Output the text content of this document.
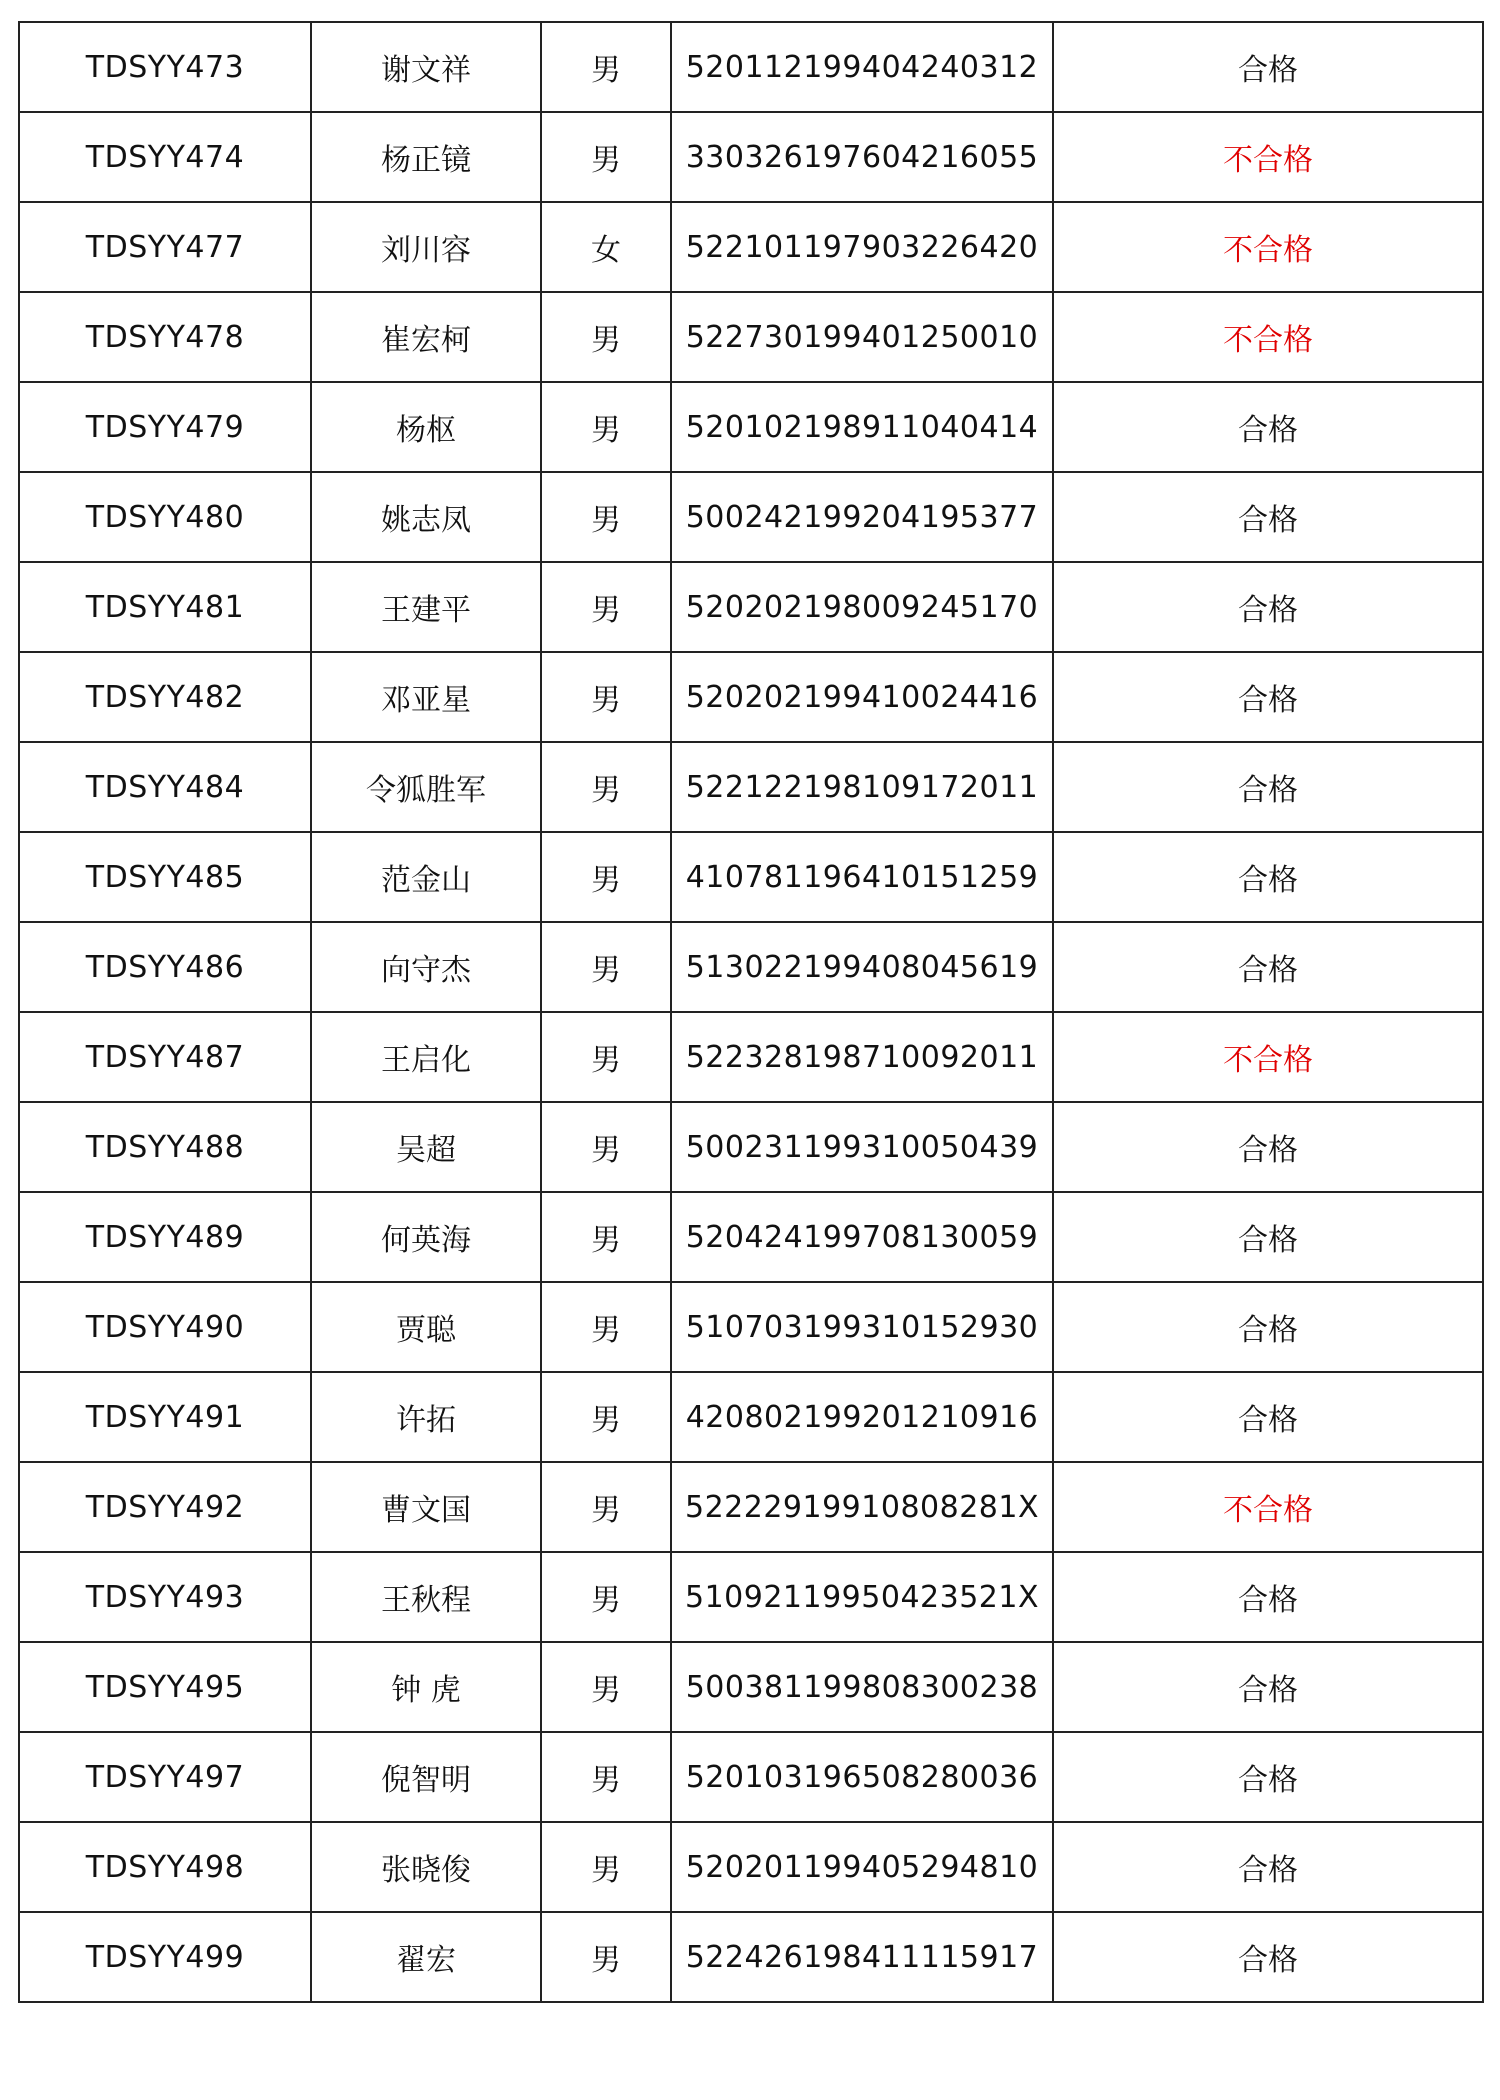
TDSYY473	谢文祥	男	520112199404240312	合格
TDSYY474	杨正镜	男	330326197604216055	不合格
TDSYY477	刘川容	女	522101197903226420	不合格
TDSYY478	崔宏柯	男	522730199401250010	不合格
TDSYY479	杨枢	男	520102198911040414	合格
TDSYY480	姚志凤	男	500242199204195377	合格
TDSYY481	王建平	男	520202198009245170	合格
TDSYY482	邓亚星	男	520202199410024416	合格
TDSYY484	令狐胜军	男	522122198109172011	合格
TDSYY485	范金山	男	410781196410151259	合格
TDSYY486	向守杰	男	513022199408045619	合格
TDSYY487	王启化	男	522328198710092011	不合格
TDSYY488	吴超	男	500231199310050439	合格
TDSYY489	何英海	男	520424199708130059	合格
TDSYY490	贾聪	男	510703199310152930	合格
TDSYY491	许拓	男	420802199201210916	合格
TDSYY492	曹文国	男	52222919910808281X	不合格
TDSYY493	王秋程	男	51092119950423521X	合格
TDSYY495	钟 虎	男	500381199808300238	合格
TDSYY497	倪智明	男	520103196508280036	合格
TDSYY498	张晓俊	男	520201199405294810	合格
TDSYY499	翟宏	男	522426198411115917	合格
